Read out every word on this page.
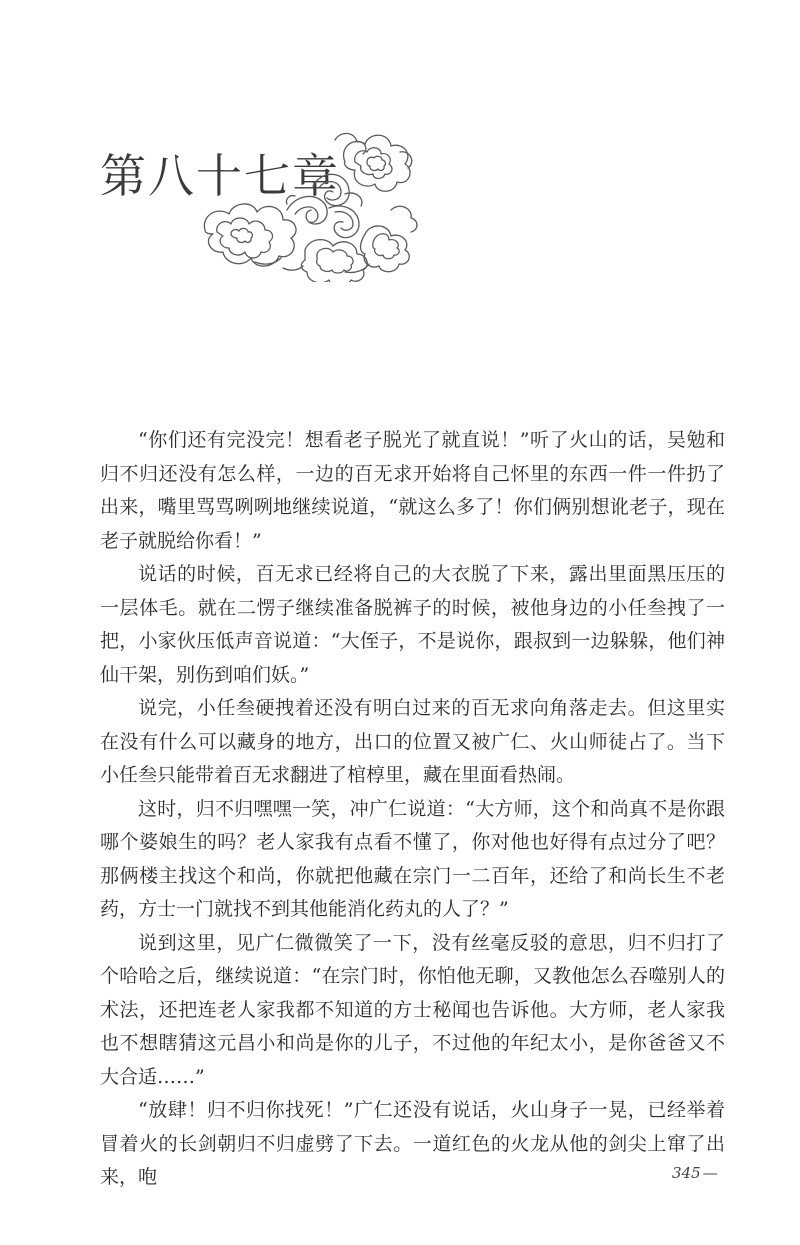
第八十七章

“你们还有完没完！想看老子脱光了就直说！”听了火山的话，吴勉和归不归还没有怎么样，一边的百无求开始将自己怀里的东西一件一件扔了出来，嘴里骂骂咧咧地继续说道，“就这么多了！你们俩别想讹老子，现在老子就脱给你看！”

说话的时候，百无求已经将自己的大衣脱了下来，露出里面黑压压的一层体毛。就在二愣子继续准备脱裤子的时候，被他身边的小任叁拽了一把，小家伙压低声音说道：“大侄子，不是说你，跟叔到一边躲躲，他们神仙干架，别伤到咱们妖。”

说完，小任叁硬拽着还没有明白过来的百无求向角落走去。但这里实在没有什么可以藏身的地方，出口的位置又被广仁、火山师徒占了。当下小任叁只能带着百无求翻进了棺椁里，藏在里面看热闹。

这时，归不归嘿嘿一笑，冲广仁说道：“大方师，这个和尚真不是你跟哪个婆娘生的吗？老人家我有点看不懂了，你对他也好得有点过分了吧？那俩楼主找这个和尚，你就把他藏在宗门一二百年，还给了和尚长生不老药，方士一门就找不到其他能消化药丸的人了？”

说到这里，见广仁微微笑了一下，没有丝毫反驳的意思，归不归打了个哈哈之后，继续说道：“在宗门时，你怕他无聊，又教他怎么吞噬别人的术法，还把连老人家我都不知道的方士秘闻也告诉他。大方师，老人家我也不想瞎猜这元昌小和尚是你的儿子，不过他的年纪太小，是你爸爸又不大合适……”

“放肆！归不归你找死！”广仁还没有说话，火山身子一晃，已经举着冒着火的长剑朝归不归虚劈了下去。一道红色的火龙从他的剑尖上窜了出来，咆	345 —
